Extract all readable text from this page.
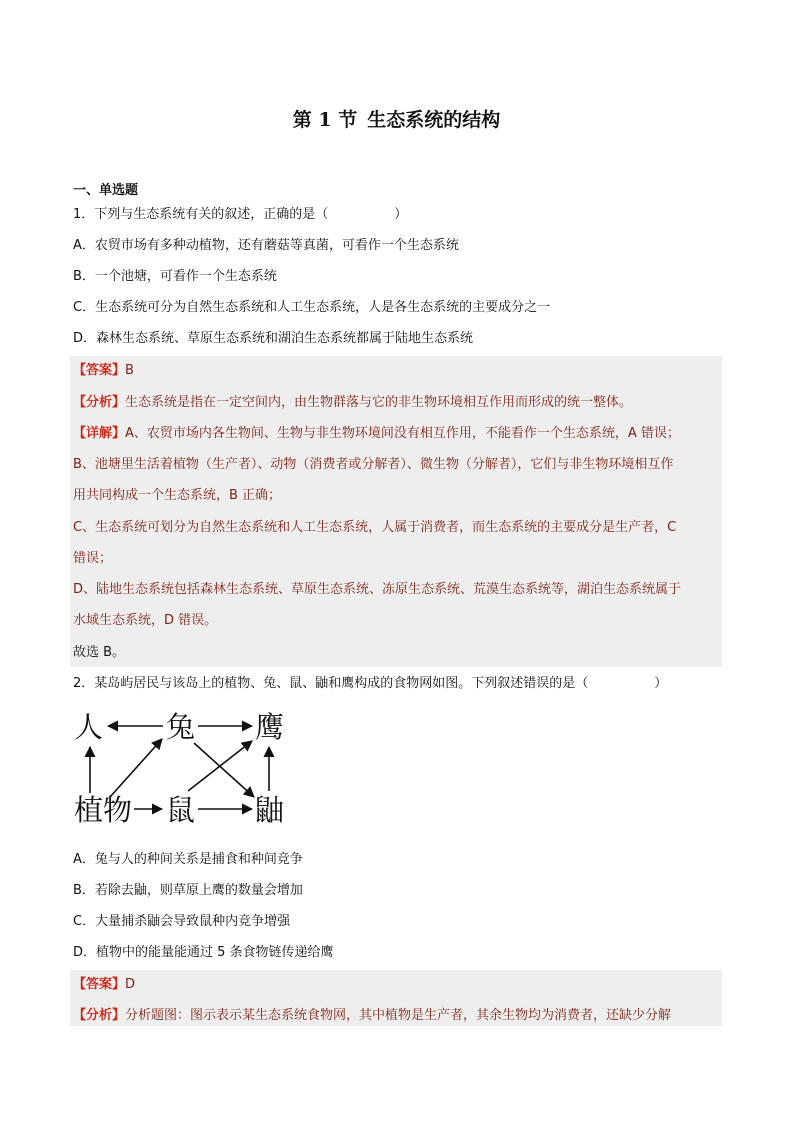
第 1 节 生态系统的结构
一、单选题
1．下列与生态系统有关的叙述，正确的是（	）
A．农贸市场有多种动植物，还有蘑菇等真菌，可看作一个生态系统
B．一个池塘，可看作一个生态系统
C．生态系统可分为自然生态系统和人工生态系统，人是各生态系统的主要成分之一
D．森林生态系统、草原生态系统和湖泊生态系统都属于陆地生态系统
【答案】B
【分析】生态系统是指在一定空间内，由生物群落与它的非生物环境相互作用而形成的统一整体。
【详解】A、农贸市场内各生物间、生物与非生物环境间没有相互作用，不能看作一个生态系统，A 错误；
B、池塘里生活着植物（生产者）、动物（消费者或分解者）、微生物（分解者），它们与非生物环境相互作
用共同构成一个生态系统，B 正确；
C、生态系统可划分为自然生态系统和人工生态系统，人属于消费者，而生态系统的主要成分是生产者，C
错误；
D、陆地生态系统包括森林生态系统、草原生态系统、冻原生态系统、荒漠生态系统等，湖泊生态系统属于
水域生态系统，D 错误。
故选 B。
2．某岛屿居民与该岛上的植物、兔、鼠、鼬和鹰构成的食物网如图。下列叙述错误的是（	）
人 兔 鹰
植物 鼠 鼬
A．兔与人的种间关系是捕食和种间竞争
B．若除去鼬，则草原上鹰的数量会增加
C．大量捕杀鼬会导致鼠种内竞争增强
D．植物中的能量能通过 5 条食物链传递给鹰
【答案】D
【分析】分析题图：图示表示某生态系统食物网，其中植物是生产者，其余生物均为消费者，还缺少分解
